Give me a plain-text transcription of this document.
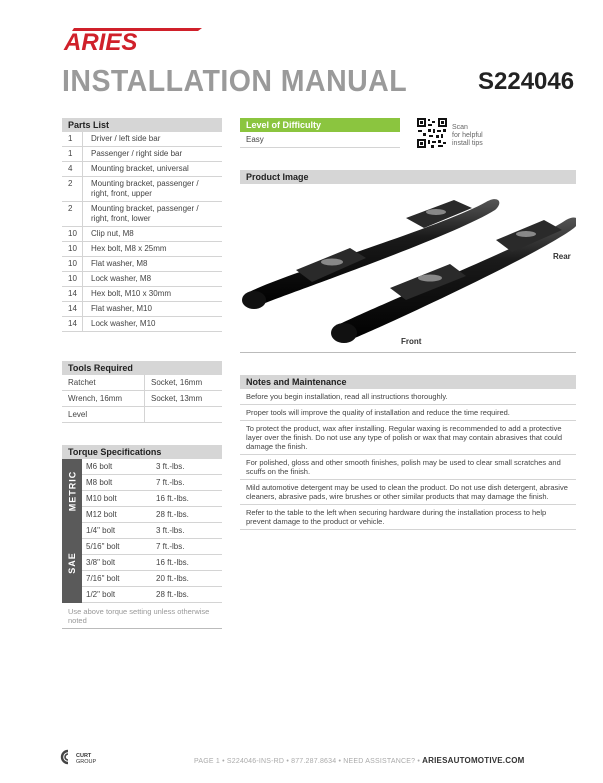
ARIES
INSTALLATION MANUAL	S224046
Parts List
1	Driver / left side bar
1	Passenger / right side bar
4	Mounting bracket, universal
2	Mounting bracket, passenger / right, front, upper
2	Mounting bracket, passenger / right, front, lower
10	Clip nut, M8
10	Hex bolt, M8 x 25mm
10	Flat washer, M8
10	Lock washer, M8
14	Hex bolt, M10 x 30mm
14	Flat washer, M10
14	Lock washer, M10
Tools Required
Ratchet	Socket, 16mm
Wrench, 16mm	Socket, 13mm
Level
Torque Specifications
METRIC
M6 bolt	3 ft.-lbs.
M8 bolt	7 ft.-lbs.
M10 bolt	16 ft.-lbs.
M12 bolt	28 ft.-lbs.
SAE
1/4" bolt	3 ft.-lbs.
5/16" bolt	7 ft.-lbs.
3/8" bolt	16 ft.-lbs.
7/16" bolt	20 ft.-lbs.
1/2" bolt	28 ft.-lbs.
Use above torque setting unless otherwise noted
Level of Difficulty
Easy
Scan
for helpful
install tips
Product Image
Rear
Front
Notes and Maintenance
Before you begin installation, read all instructions thoroughly.
Proper tools will improve the quality of installation and reduce the time required.
To protect the product, wax after installing. Regular waxing is recommended to add a protective layer over the finish. Do not use any type of polish or wax that may contain abrasives that could damage the finish.
For polished, gloss and other smooth finishes, polish may be used to clear small scratches and scuffs on the finish.
Mild automotive detergent may be used to clean the product. Do not use dish detergent, abrasive cleaners, abrasive pads, wire brushes or other similar products that may damage the finish.
Refer to the table to the left when securing hardware during the installation process to help prevent damage to the product or vehicle.
CURT
GROUP	PAGE 1 • S224046-INS-RD • 877.287.8634 • NEED ASSISTANCE? • ARIESAUTOMOTIVE.COM
